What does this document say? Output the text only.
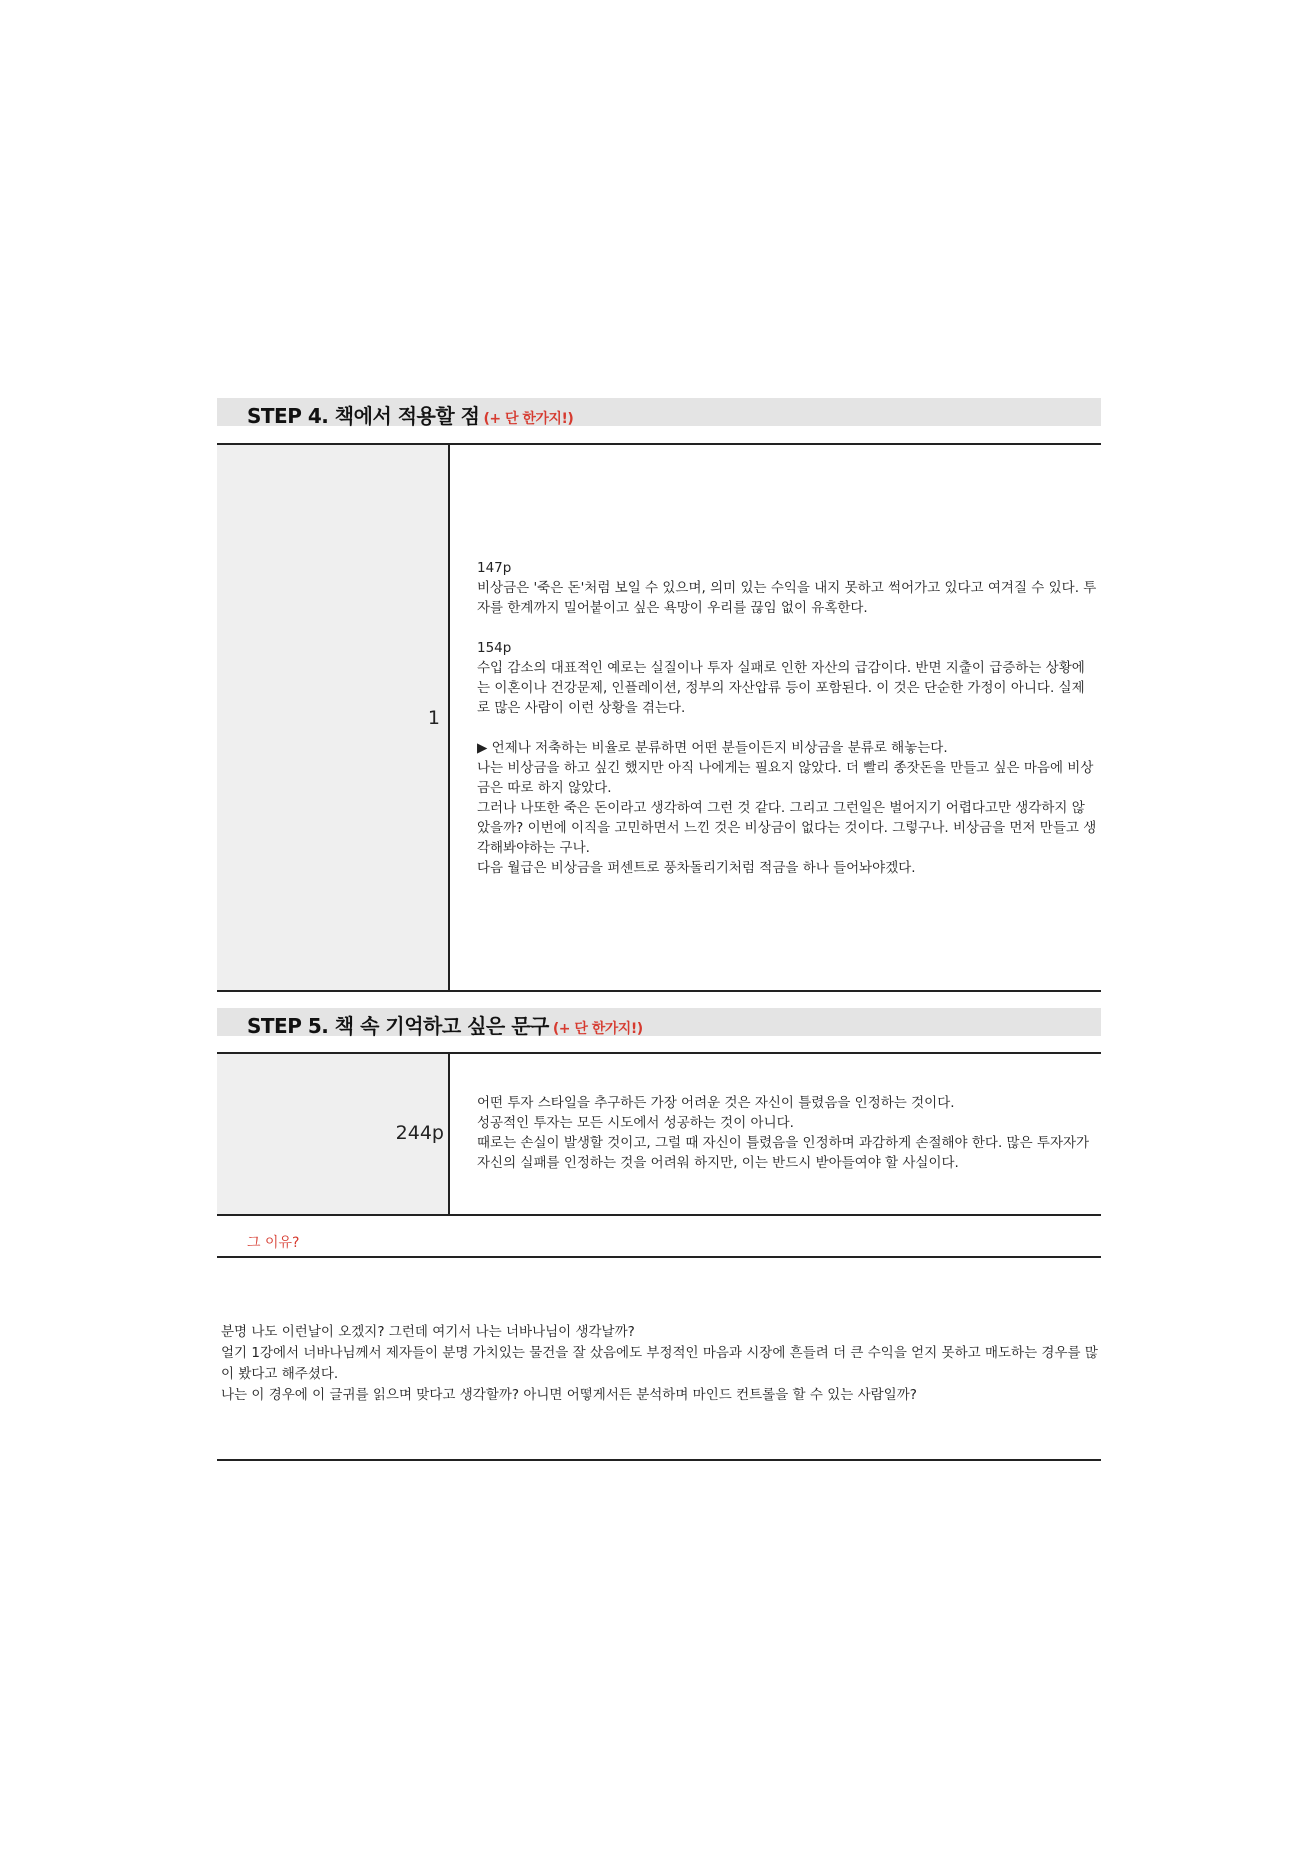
STEP 4. 책에서 적용할 점 (+ 단 한가지!)
1
147p
비상금은 '죽은 돈'처럼 보일 수 있으며, 의미 있는 수익을 내지 못하고 썩어가고 있다고 여겨질 수 있다. 투자를 한계까지 밀어붙이고 싶은 욕망이 우리를 끊임 없이 유혹한다.
154p
수입 감소의 대표적인 예로는 실질이나 투자 실패로 인한 자산의 급감이다. 반면 지출이 급증하는 상황에는 이혼이나 건강문제, 인플레이션, 정부의 자산압류 등이 포함된다. 이 것은 단순한 가정이 아니다. 실제로 많은 사람이 이런 상황을 겪는다.
▶ 언제나 저축하는 비율로 분류하면 어떤 분들이든지 비상금을 분류로 해놓는다.
나는 비상금을 하고 싶긴 했지만 아직 나에게는 필요지 않았다. 더 빨리 종잣돈을 만들고 싶은 마음에 비상금은 따로 하지 않았다.
그러나 나또한 죽은 돈이라고 생각하여 그런 것 같다. 그리고 그런일은 벌어지기 어렵다고만 생각하지 않았을까? 이번에 이직을 고민하면서 느낀 것은 비상금이 없다는 것이다. 그렇구나. 비상금을 먼저 만들고 생각해봐야하는 구나.
다음 월급은 비상금을 퍼센트로 풍차돌리기처럼 적금을 하나 들어놔야겠다.
STEP 5. 책 속 기억하고 싶은 문구 (+ 단 한가지!)
244p
어떤 투자 스타일을 추구하든 가장 어려운 것은 자신이 틀렸음을 인정하는 것이다.
성공적인 투자는 모든 시도에서 성공하는 것이 아니다.
때로는 손실이 발생할 것이고, 그럴 때 자신이 틀렸음을 인정하며 과감하게 손절해야 한다. 많은 투자자가 자신의 실패를 인정하는 것을 어려워 하지만, 이는 반드시 받아들여야 할 사실이다.
그 이유?
분명 나도 이런날이 오겠지? 그런데 여기서 나는 너바나님이 생각날까?
얼기 1강에서 너바나님께서 제자들이 분명 가치있는 물건을 잘 샀음에도 부정적인 마음과 시장에 흔들려 더 큰 수익을 얻지 못하고 매도하는 경우를 많이 봤다고 해주셨다.
나는 이 경우에 이 글귀를 읽으며 맞다고 생각할까? 아니면 어떻게서든 분석하며 마인드 컨트롤을 할 수 있는 사람일까?
